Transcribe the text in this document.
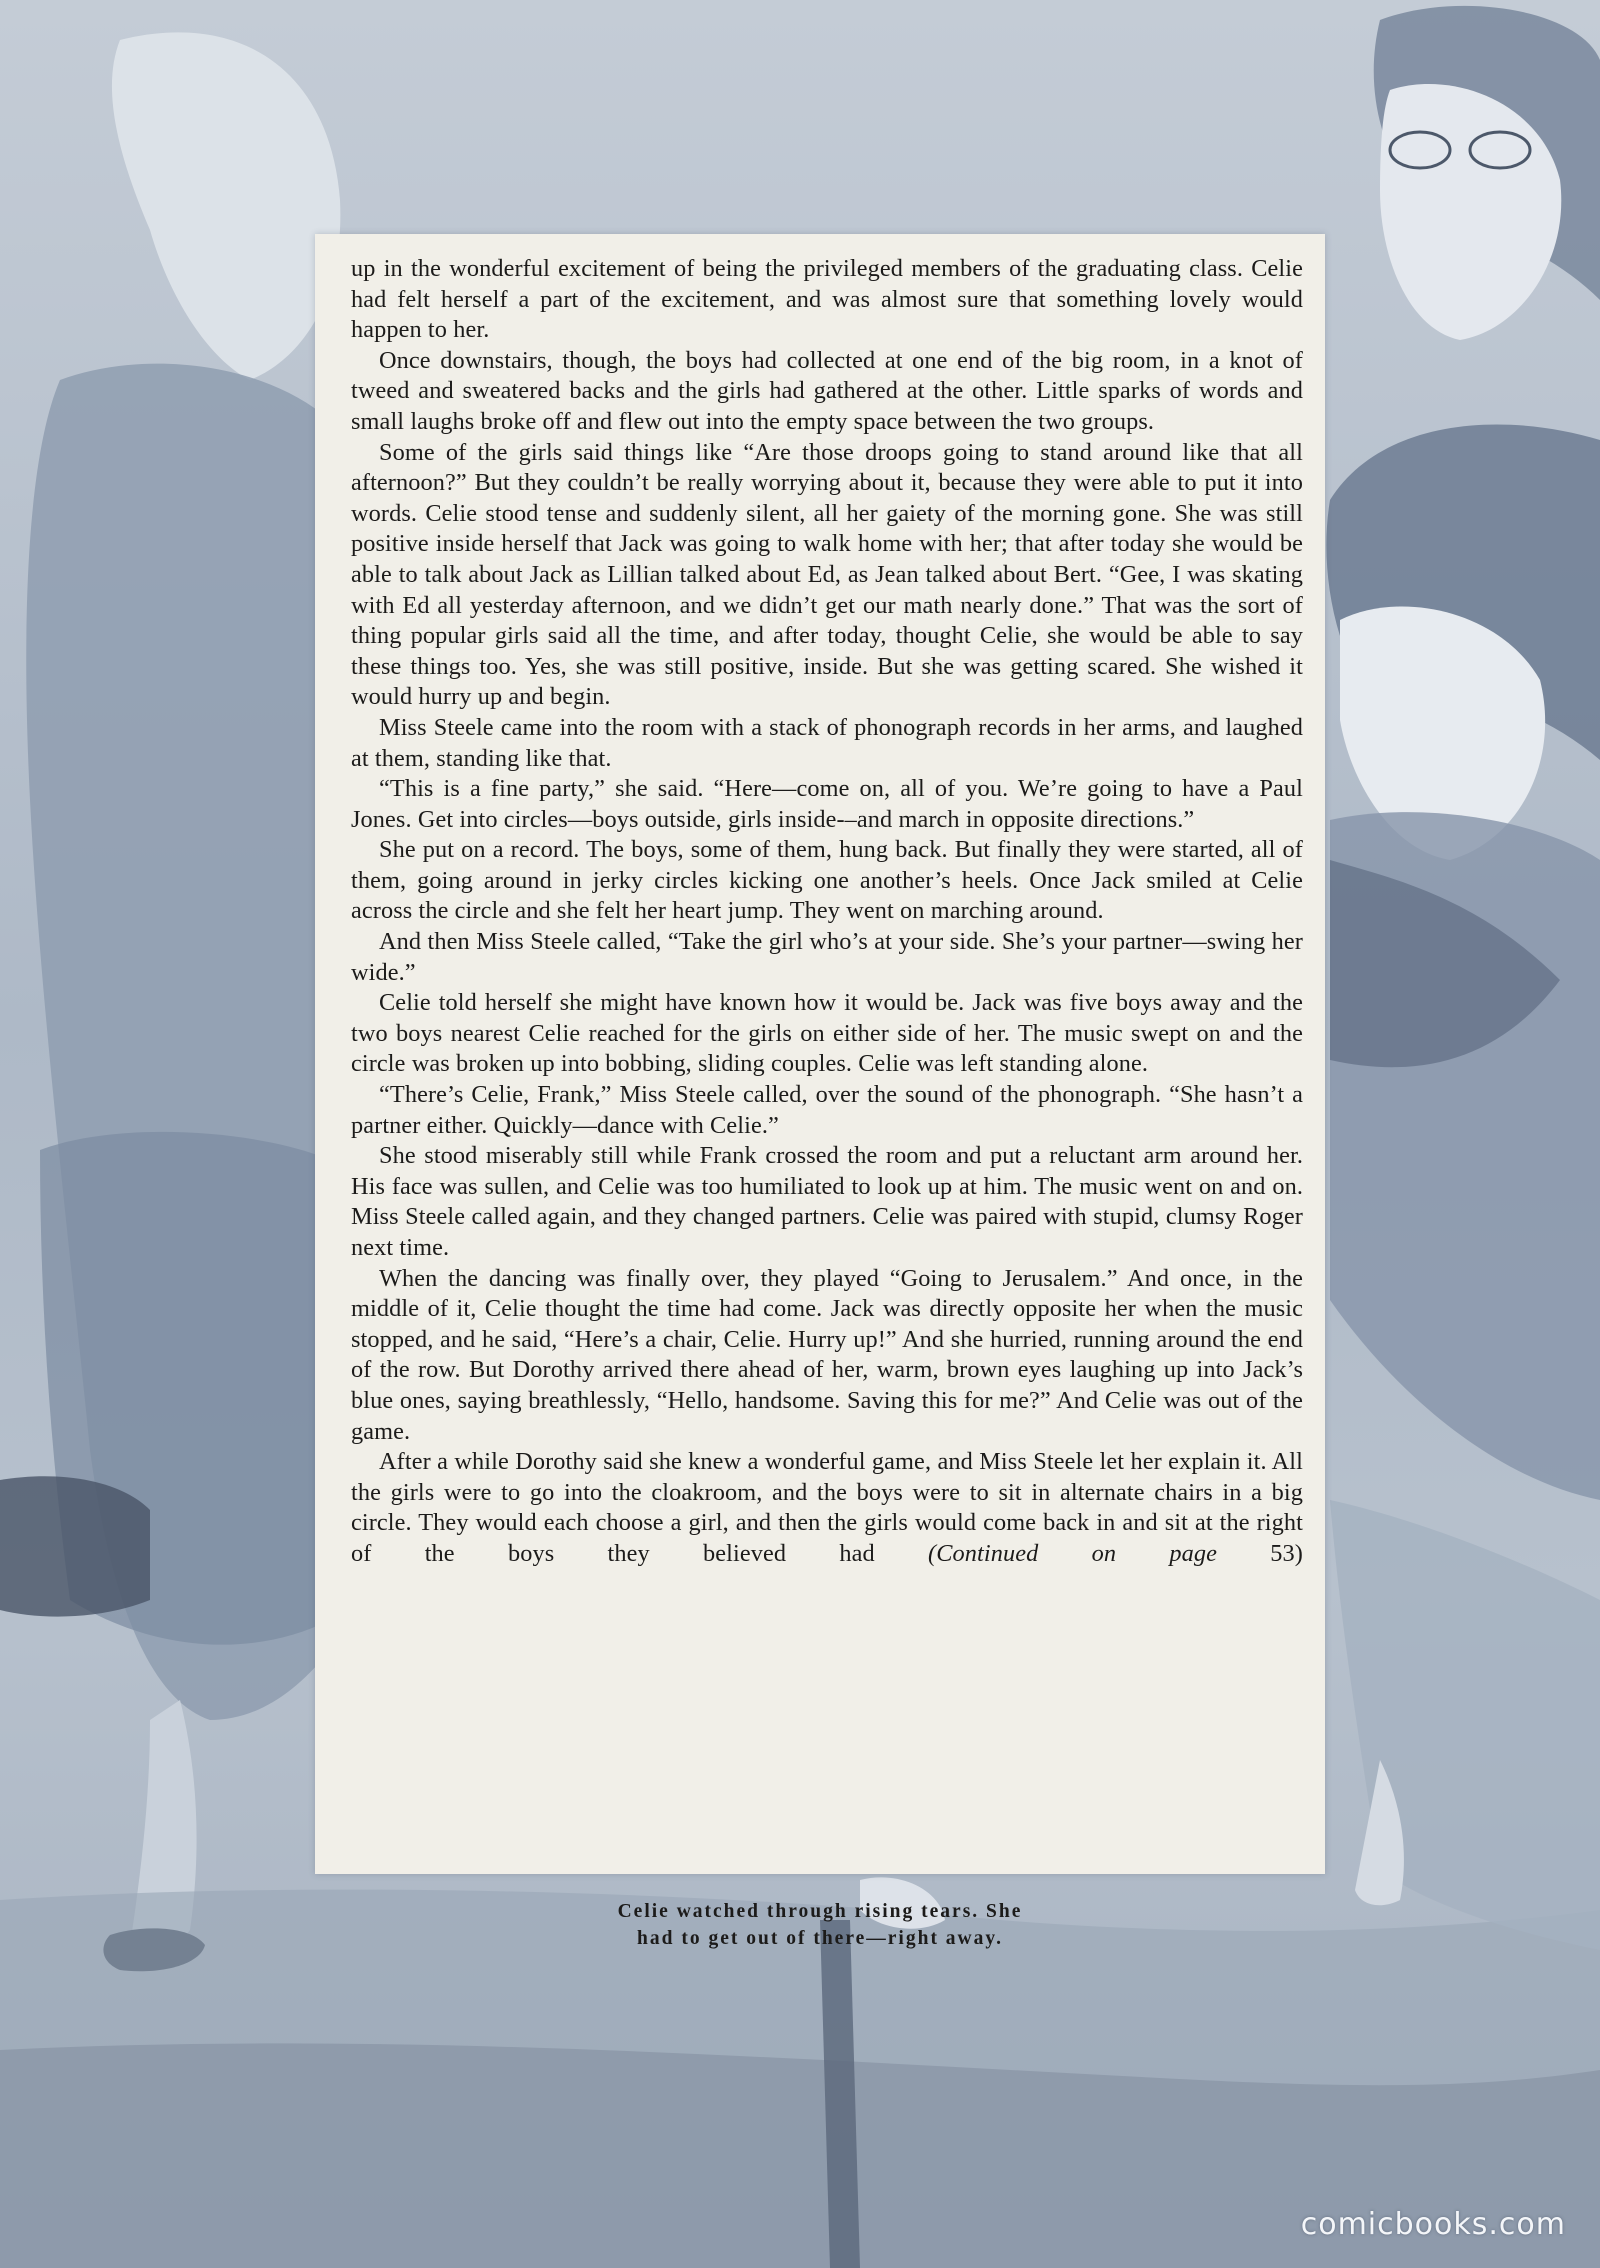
up in the wonderful excitement of being the privileged members of the graduating class. Celie had felt herself a part of the excitement, and was almost sure that something lovely would happen to her.

Once downstairs, though, the boys had collected at one end of the big room, in a knot of tweed and sweatered backs and the girls had gathered at the other. Little sparks of words and small laughs broke off and flew out into the empty space between the two groups.

Some of the girls said things like “Are those droops going to stand around like that all afternoon?” But they couldn’t be really worrying about it, because they were able to put it into words. Celie stood tense and suddenly silent, all her gaiety of the morning gone. She was still positive inside herself that Jack was going to walk home with her; that after today she would be able to talk about Jack as Lillian talked about Ed, as Jean talked about Bert. “Gee, I was skating with Ed all yesterday afternoon, and we didn’t get our math nearly done.” That was the sort of thing popular girls said all the time, and after today, thought Celie, she would be able to say these things too. Yes, she was still positive, inside. But she was getting scared. She wished it would hurry up and begin.

Miss Steele came into the room with a stack of phonograph records in her arms, and laughed at them, standing like that.

“This is a fine party,” she said. “Here—come on, all of you. We’re going to have a Paul Jones. Get into circles—boys outside, girls inside-–and march in opposite directions.”

She put on a record. The boys, some of them, hung back. But finally they were started, all of them, going around in jerky circles kicking one another’s heels. Once Jack smiled at Celie across the circle and she felt her heart jump. They went on marching around.

And then Miss Steele called, “Take the girl who’s at your side. She’s your partner—swing her wide.”

Celie told herself she might have known how it would be. Jack was five boys away and the two boys nearest Celie reached for the girls on either side of her. The music swept on and the circle was broken up into bobbing, sliding couples. Celie was left standing alone.

“There’s Celie, Frank,” Miss Steele called, over the sound of the phonograph. “She hasn’t a partner either. Quickly—dance with Celie.”

She stood miserably still while Frank crossed the room and put a reluctant arm around her. His face was sullen, and Celie was too humiliated to look up at him. The music went on and on. Miss Steele called again, and they changed partners. Celie was paired with stupid, clumsy Roger next time.

When the dancing was finally over, they played “Going to Jerusalem.” And once, in the middle of it, Celie thought the time had come. Jack was directly opposite her when the music stopped, and he said, “Here’s a chair, Celie. Hurry up!” And she hurried, running around the end of the row. But Dorothy arrived there ahead of her, warm, brown eyes laughing up into Jack’s blue ones, saying breathlessly, “Hello, handsome. Saving this for me?” And Celie was out of the game.

After a while Dorothy said she knew a wonderful game, and Miss Steele let her explain it. All the girls were to go into the cloakroom, and the boys were to sit in alternate chairs in a big circle. They would each choose a girl, and then the girls would come back in and sit at the right of the boys they believed had (Continued on page 53)

Celie watched through rising tears. She
had to get out of there—right away.
comicbooks.com
